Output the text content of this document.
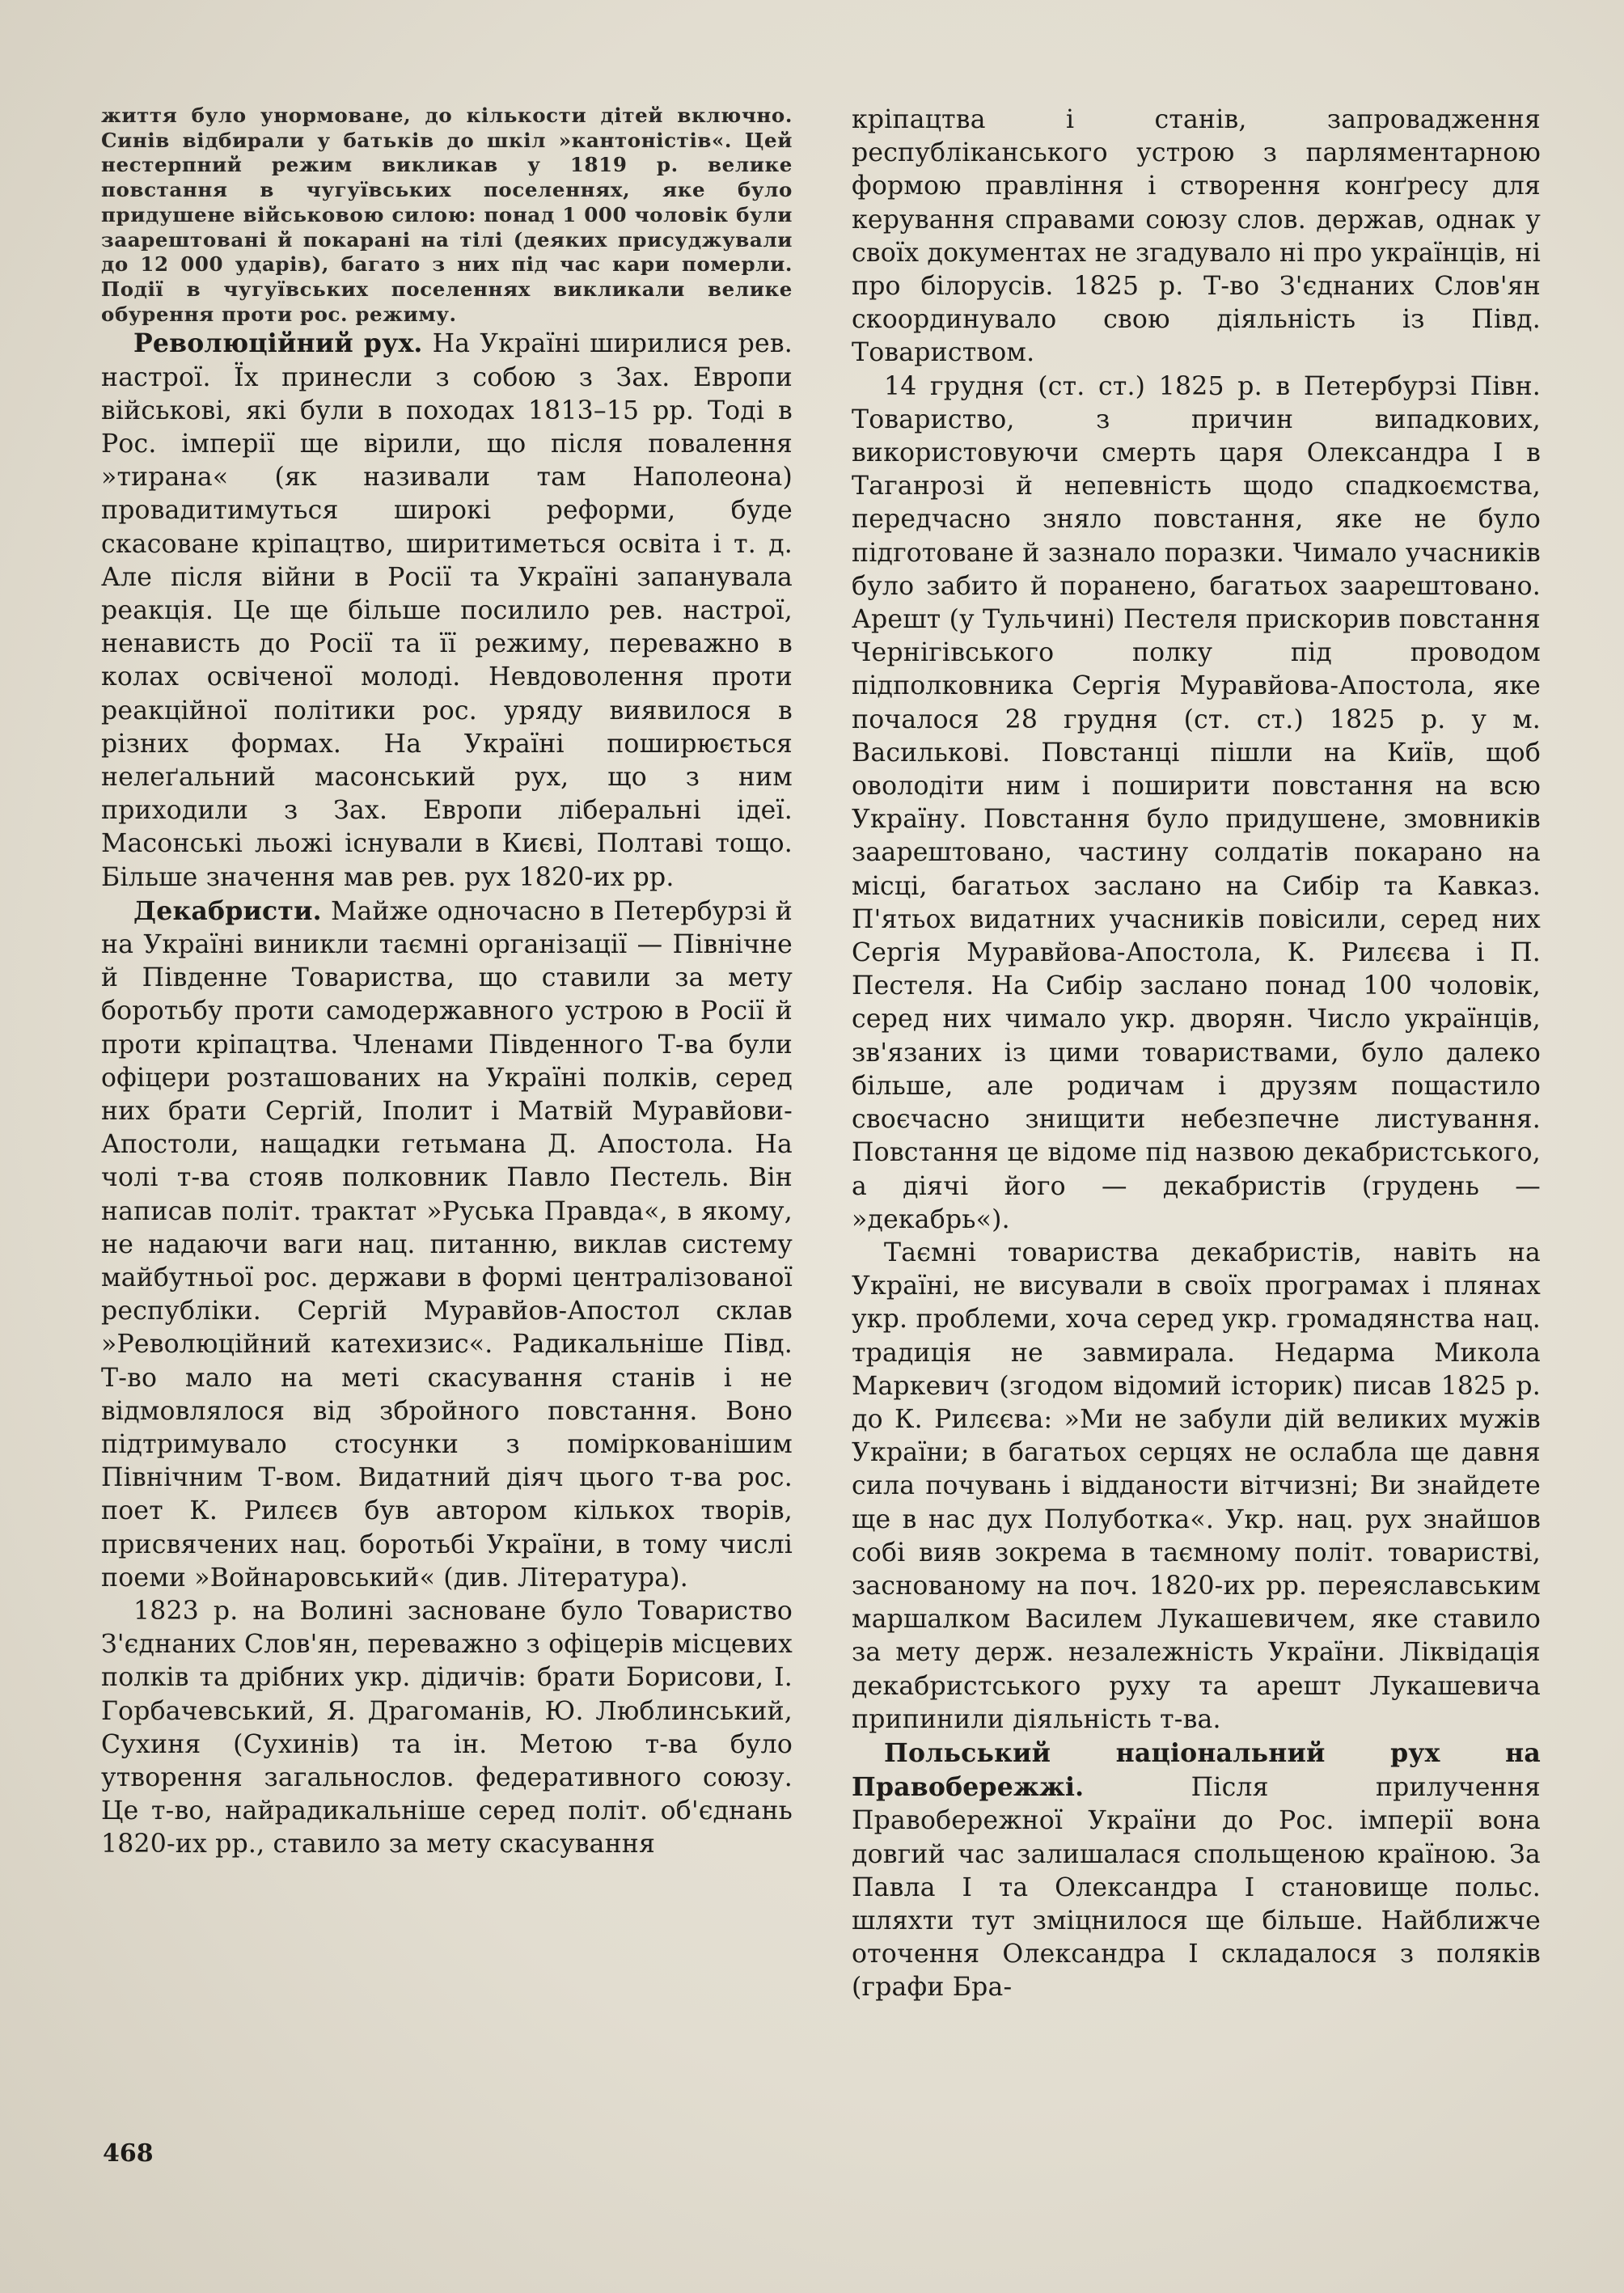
життя було унормоване, до кількости дітей включно. Синів відбирали у батьків до шкіл »кантоністів«. Цей нестерпний режим викликав у 1819 р. велике повстання в чугуївських поселеннях, яке було придушене військовою силою: понад 1 000 чоловік були заарештовані й покарані на тілі (деяких присуджували до 12 000 ударів), багато з них під час кари померли. Події в чугуївських поселеннях викликали велике обурення проти рос. режиму.

Революційний рух. На Україні ширилися рев. настрої. Їх принесли з собою з Зах. Европи військові, які були в походах 1813–15 рр. Тоді в Рос. імперії ще вірили, що після повалення »тирана« (як називали там Наполеона) провадитимуться широкі реформи, буде скасоване кріпацтво, ширитиметься освіта і т. д. Але після війни в Росії та Україні запанувала реакція. Це ще більше посилило рев. настрої, ненависть до Росії та її режиму, переважно в колах освіченої молоді. Невдоволення проти реакційної політики рос. уряду виявилося в різних формах. На Україні поширюється нелеґальний масонський рух, що з ним приходили з Зах. Европи ліберальні ідеї. Масонські льожі існували в Києві, Полтаві тощо. Більше значення мав рев. рух 1820-их рр.

Декабристи. Майже одночасно в Петербурзі й на Україні виникли таємні організації — Північне й Південне Товариства, що ставили за мету боротьбу проти самодержавного устрою в Росії й проти кріпацтва. Членами Південного Т-ва були офіцери розташованих на Україні полків, серед них брати Сергій, Іполит і Матвій Муравйови-Апостоли, нащадки гетьмана Д. Апостола. На чолі т-ва стояв полковник Павло Пестель. Він написав політ. трактат »Руська Правда«, в якому, не надаючи ваги нац. питанню, виклав систему майбутньої рос. держави в формі централізованої республіки. Сергій Муравйов-Апостол склав »Революційний катехизис«. Радикальніше Півд. Т-во мало на меті скасування станів і не відмовлялося від збройного повстання. Воно підтримувало стосунки з поміркованішим Північним Т-вом. Видатний діяч цього т-ва рос. поет К. Рилєєв був автором кількох творів, присвячених нац. боротьбі України, в тому числі поеми »Войнаровський« (див. Література).

1823 р. на Волині засноване було Товариство З'єднаних Слов'ян, переважно з офіцерів місцевих полків та дрібних укр. дідичів: брати Борисови, І. Горбачевський, Я. Драгоманів, Ю. Люблинський, Сухиня (Сухинів) та ін. Метою т-ва було утворення загальнослов. федеративного союзу. Це т-во, найрадикальніше серед політ. об'єднань 1820-их рр., ставило за мету скасування

кріпацтва і станів, запровадження республіканського устрою з парляментарною формою правління і створення конґресу для керування справами союзу слов. держав, однак у своїх документах не згадувало ні про українців, ні про білорусів. 1825 р. Т-во З'єднаних Слов'ян скоординувало свою діяльність із Півд. Товариством.

14 грудня (ст. ст.) 1825 р. в Петербурзі Півн. Товариство, з причин випадкових, використовуючи смерть царя Олександра І в Таганрозі й непевність щодо спадкоємства, передчасно зняло повстання, яке не було підготоване й зазнало поразки. Чимало учасників було забито й поранено, багатьох заарештовано. Арешт (у Тульчині) Пестеля прискорив повстання Чернігівського полку під проводом підполковника Сергія Муравйова-Апостола, яке почалося 28 грудня (ст. ст.) 1825 р. у м. Василькові. Повстанці пішли на Київ, щоб оволодіти ним і поширити повстання на всю Україну. Повстання було придушене, змовників заарештовано, частину солдатів покарано на місці, багатьох заслано на Сибір та Кавказ. П'ятьох видатних учасників повісили, серед них Сергія Муравйова-Апостола, К. Рилєєва і П. Пестеля. На Сибір заслано понад 100 чоловік, серед них чимало укр. дворян. Число українців, зв'язаних із цими товариствами, було далеко більше, але родичам і друзям пощастило своєчасно знищити небезпечне листування. Повстання це відоме під назвою декабристського, а діячі його — декабристів (грудень — »декабрь«).

Таємні товариства декабристів, навіть на Україні, не висували в своїх програмах і плянах укр. проблеми, хоча серед укр. громадянства нац. традиція не завмирала. Недарма Микола Маркевич (згодом відомий історик) писав 1825 р. до К. Рилєєва: »Ми не забули дій великих мужів України; в багатьох серцях не ослабла ще давня сила почувань і відданости вітчизні; Ви знайдете ще в нас дух Полуботка«. Укр. нац. рух знайшов собі вияв зокрема в таємному політ. товаристві, заснованому на поч. 1820-их рр. переяславським маршалком Василем Лукашевичем, яке ставило за мету держ. незалежність України. Ліквідація декабристського руху та арешт Лукашевича припинили діяльність т-ва.

Польський національний рух на Правобережжі. Після прилучення Правобережної України до Рос. імперії вона довгий час залишалася спольщеною країною. За Павла І та Олександра І становище польс. шляхти тут зміцнилося ще більше. Найближче оточення Олександра І складалося з поляків (графи Бра-

468
